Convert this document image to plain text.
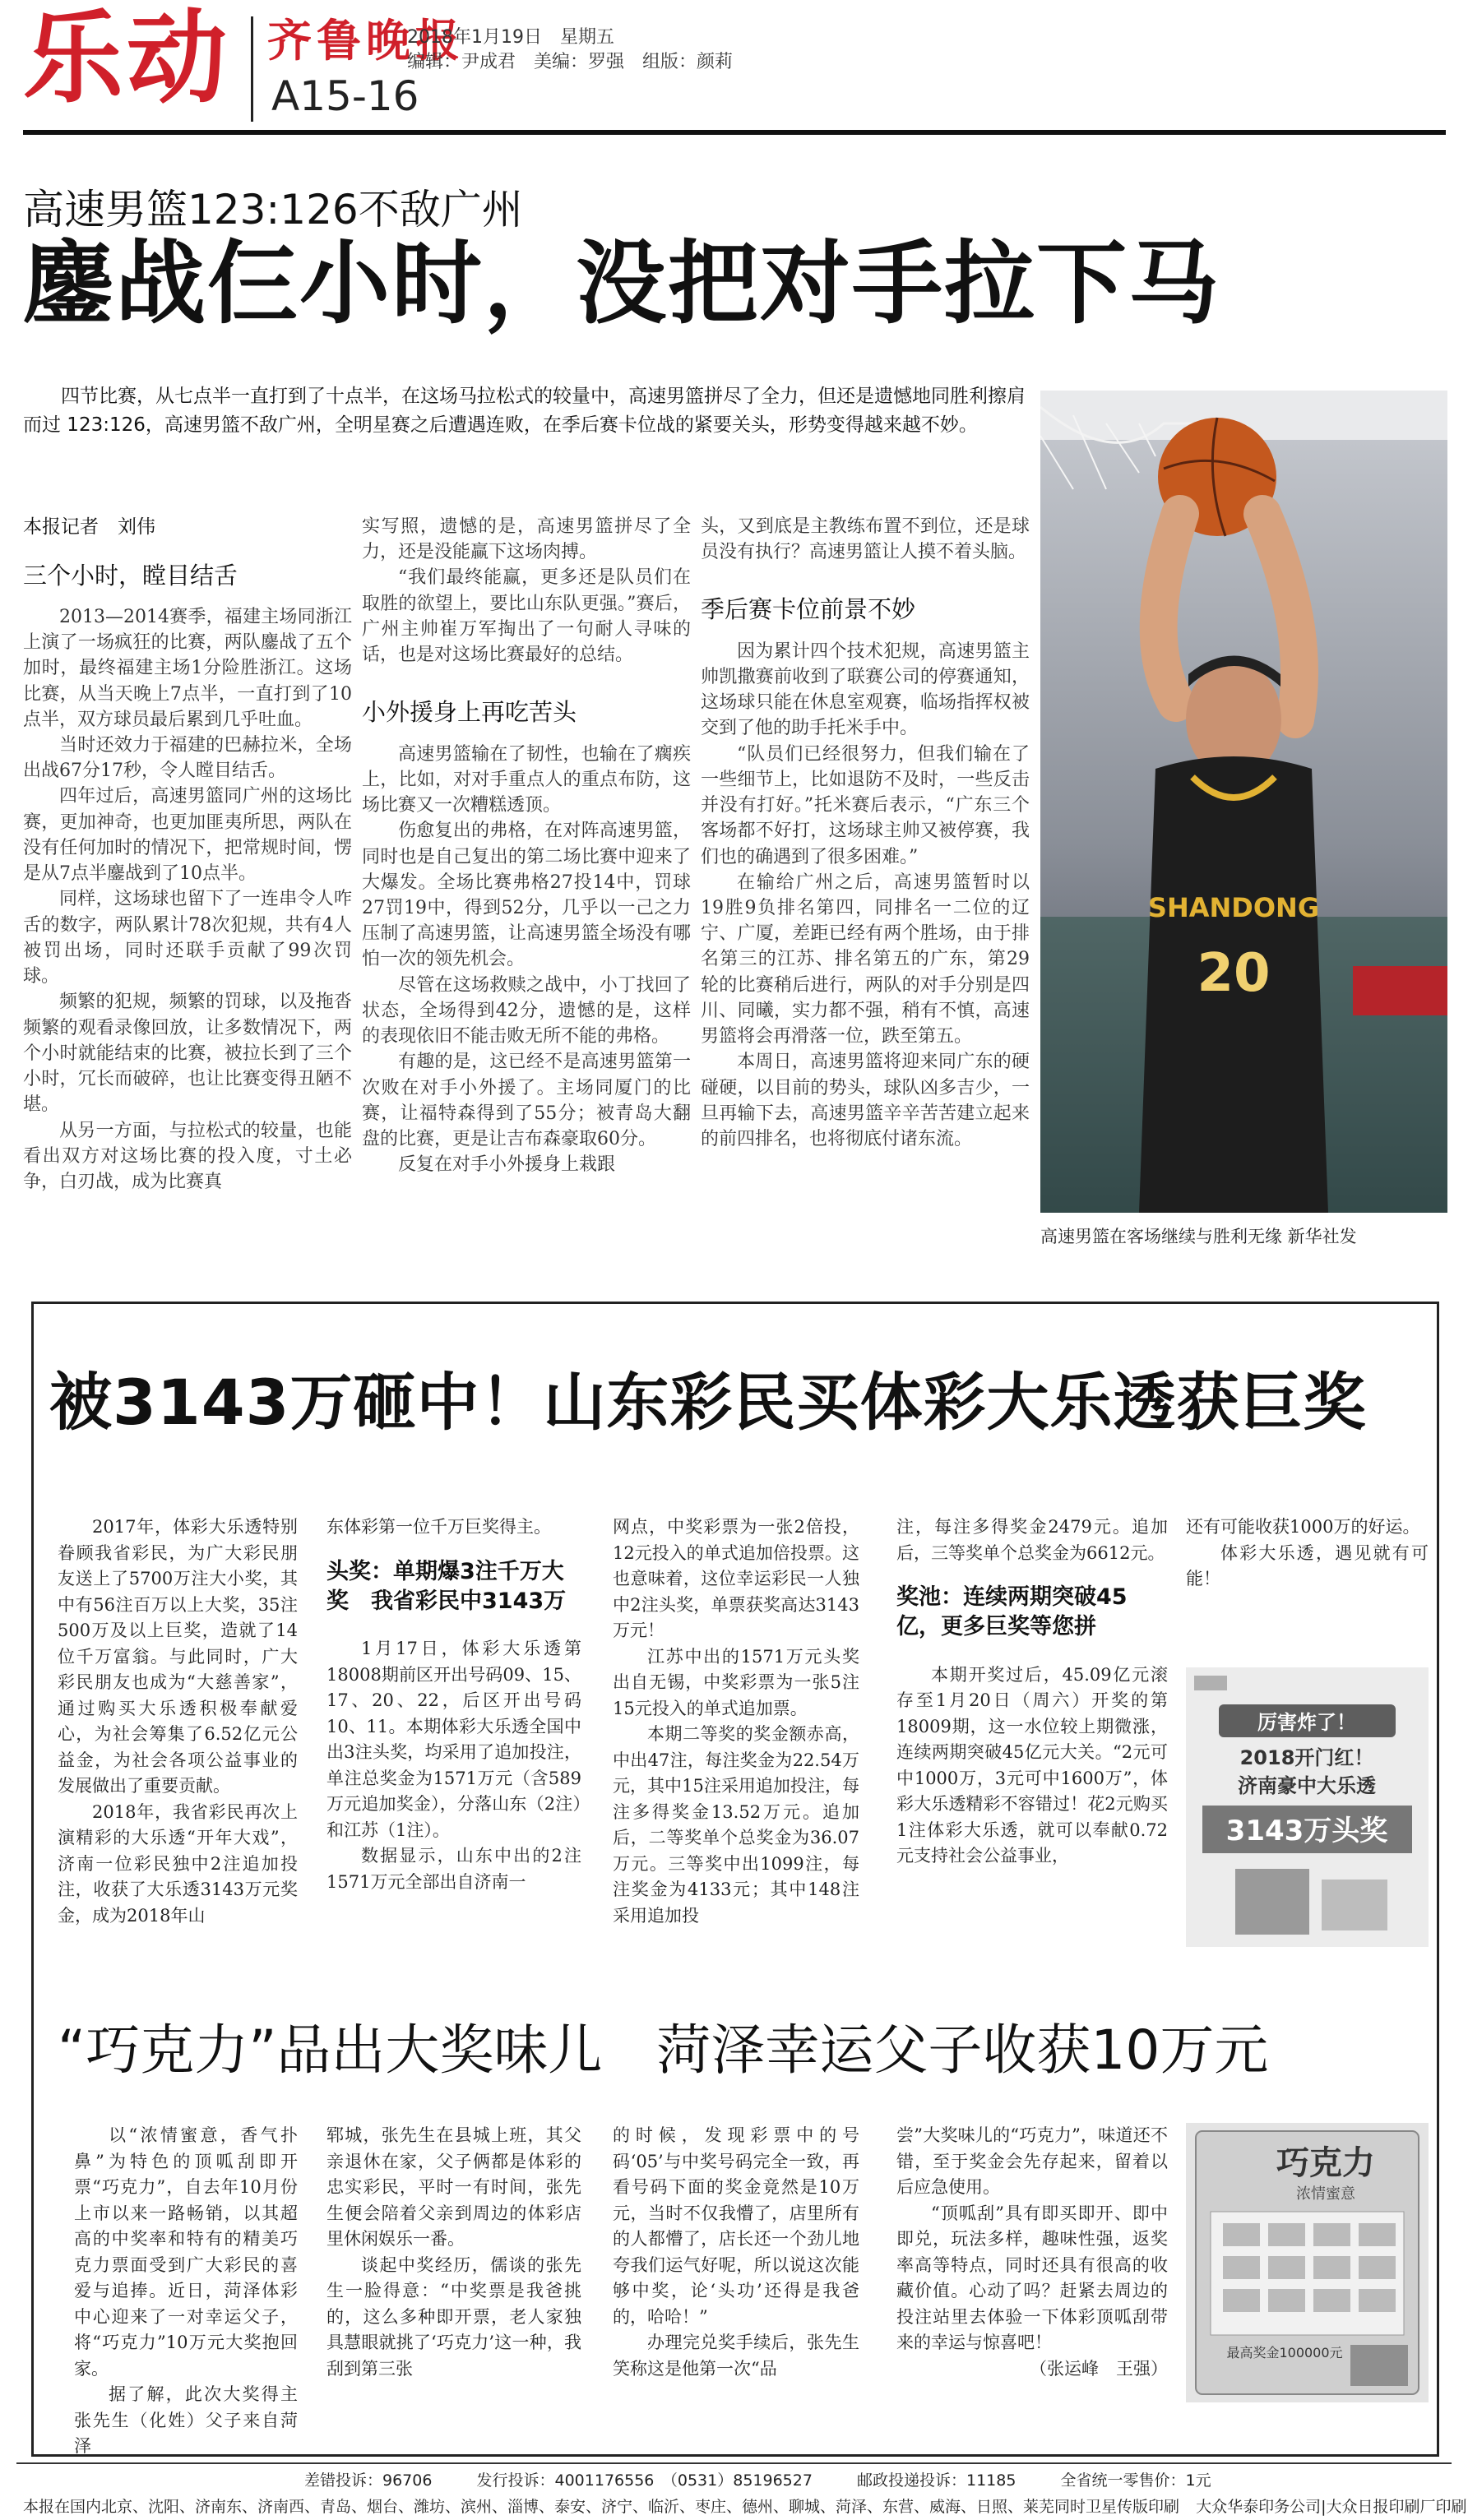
乐动 齐鲁晚报
A15-16
2018年1月19日　星期五
编辑：尹成君　美编：罗强　组版：颜莉
高速男篮123:126不敌广州
鏖战仨小时，没把对手拉下马

四节比赛，从七点半一直打到了十点半，在这场马拉松式的较量中，高速男篮拼尽了全力，但还是遗憾地同胜利擦肩而过 123:126，高速男篮不敌广州，全明星赛之后遭遇连败，在季后赛卡位战的紧要关头，形势变得越来越不妙。

本报记者　刘伟
三个小时，瞠目结舌

2013—2014赛季，福建主场同浙江上演了一场疯狂的比赛，两队鏖战了五个加时，最终福建主场1分险胜浙江。这场比赛，从当天晚上7点半，一直打到了10点半，双方球员最后累到几乎吐血。

当时还效力于福建的巴赫拉米，全场出战67分17秒，令人瞠目结舌。

四年过后，高速男篮同广州的这场比赛，更加神奇，也更加匪夷所思，两队在没有任何加时的情况下，把常规时间，愣是从7点半鏖战到了10点半。

同样，这场球也留下了一连串令人咋舌的数字，两队累计78次犯规，共有4人被罚出场，同时还联手贡献了99次罚球。

频繁的犯规，频繁的罚球，以及拖沓频繁的观看录像回放，让多数情况下，两个小时就能结束的比赛，被拉长到了三个小时，冗长而破碎，也让比赛变得丑陋不堪。

从另一方面，与拉松式的较量，也能看出双方对这场比赛的投入度，寸土必争，白刃战，成为比赛真

实写照，遗憾的是，高速男篮拼尽了全力，还是没能赢下这场肉搏。

“我们最终能赢，更多还是队员们在取胜的欲望上，要比山东队更强。”赛后，广州主帅崔万军掏出了一句耐人寻味的话，也是对这场比赛最好的总结。

小外援身上再吃苦头

高速男篮输在了韧性，也输在了瘸疾上，比如，对对手重点人的重点布防，这场比赛又一次糟糕透顶。

伤愈复出的弗格，在对阵高速男篮，同时也是自己复出的第二场比赛中迎来了大爆发。全场比赛弗格27投14中，罚球27罚19中，得到52分，几乎以一己之力压制了高速男篮，让高速男篮全场没有哪怕一次的领先机会。

尽管在这场救赎之战中，小丁找回了状态，全场得到42分，遗憾的是，这样的表现依旧不能击败无所不能的弗格。

有趣的是，这已经不是高速男篮第一次败在对手小外援了。主场同厦门的比赛，让福特森得到了55分；被青岛大翻盘的比赛，更是让吉布森豪取60分。

反复在对手小外援身上栽跟

头，又到底是主教练布置不到位，还是球员没有执行？高速男篮让人摸不着头脑。

季后赛卡位前景不妙

因为累计四个技术犯规，高速男篮主帅凯撒赛前收到了联赛公司的停赛通知，这场球只能在休息室观赛，临场指挥权被交到了他的助手托米手中。

“队员们已经很努力，但我们输在了一些细节上，比如退防不及时，一些反击并没有打好。”托米赛后表示，“广东三个客场都不好打，这场球主帅又被停赛，我们也的确遇到了很多困难。”

在输给广州之后，高速男篮暂时以19胜9负排名第四，同排名一二位的辽宁、广厦，差距已经有两个胜场，由于排名第三的江苏、排名第五的广东，第29轮的比赛稍后进行，两队的对手分别是四川、同曦，实力都不强，稍有不慎，高速男篮将会再滑落一位，跌至第五。

本周日，高速男篮将迎来同广东的硬碰硬，以目前的势头，球队凶多吉少，一旦再输下去，高速男篮辛辛苦苦建立起来的前四排名，也将彻底付诸东流。

SHANDONG
20
高速男篮在客场继续与胜利无缘 新华社发
被3143万砸中！山东彩民买体彩大乐透获巨奖

2017年，体彩大乐透特别眷顾我省彩民，为广大彩民朋友送上了5700万注大小奖，其中有56注百万以上大奖，35注500万及以上巨奖，造就了14位千万富翁。与此同时，广大彩民朋友也成为“大慈善家”，通过购买大乐透积极奉献爱心，为社会筹集了6.52亿元公益金，为社会各项公益事业的发展做出了重要贡献。

2018年，我省彩民再次上演精彩的大乐透“开年大戏”，济南一位彩民独中2注追加投注，收获了大乐透3143万元奖金，成为2018年山

东体彩第一位千万巨奖得主。

头奖：单期爆3注千万大奖　我省彩民中3143万

1月17日，体彩大乐透第18008期前区开出号码09、15、17、20、22，后区开出号码10、11。本期体彩大乐透全国中出3注头奖，均采用了追加投注，单注总奖金为1571万元（含589万元追加奖金），分落山东（2注）和江苏（1注）。

数据显示，山东中出的2注1571万元全部出自济南一

网点，中奖彩票为一张2倍投，12元投入的单式追加倍投票。这也意味着，这位幸运彩民一人独中2注头奖，单票获奖高达3143万元！

江苏中出的1571万元头奖出自无锡，中奖彩票为一张5注15元投入的单式追加票。

本期二等奖的奖金额赤高，中出47注，每注奖金为22.54万元，其中15注采用追加投注，每注多得奖金13.52万元。追加后，二等奖单个总奖金为36.07万元。三等奖中出1099注，每注奖金为4133元；其中148注采用追加投

注，每注多得奖金2479元。追加后，三等奖单个总奖金为6612元。

奖池：连续两期突破45亿，更多巨奖等您拼

本期开奖过后，45.09亿元滚存至1月20日（周六）开奖的第18009期，这一水位较上期微涨，连续两期突破45亿元大关。“2元可中1000万，3元可中1600万”，体彩大乐透精彩不容错过！花2元购买1注体彩大乐透，就可以奉献0.72元支持社会公益事业，

还有可能收获1000万的好运。

体彩大乐透，遇见就有可能！

厉害炸了！
2018开门红！
济南豪中大乐透
3143万头奖
“巧克力”品出大奖味儿　菏泽幸运父子收获10万元

以“浓情蜜意，香气扑鼻”为特色的顶呱刮即开票“巧克力”，自去年10月份上市以来一路畅销，以其超高的中奖率和特有的精美巧克力票面受到广大彩民的喜爱与追捧。近日，菏泽体彩中心迎来了一对幸运父子，将“巧克力”10万元大奖抱回家。

据了解，此次大奖得主张先生（化姓）父子来自菏泽

郓城，张先生在县城上班，其父亲退休在家，父子俩都是体彩的忠实彩民，平时一有时间，张先生便会陪着父亲到周边的体彩店里休闲娱乐一番。

谈起中奖经历，儒谈的张先生一脸得意：“中奖票是我爸挑的，这么多种即开票，老人家独具慧眼就挑了‘巧克力’这一种，我刮到第三张

的时候，发现彩票中的号码‘05’与中奖号码完全一致，再看号码下面的奖金竟然是10万元，当时不仅我懵了，店里所有的人都懵了，店长还一个劲儿地夸我们运气好呢，所以说这次能够中奖，论‘头功’还得是我爸的，哈哈！”

办理完兑奖手续后，张先生笑称这是他第一次“品

尝”大奖味儿的“巧克力”，味道还不错，至于奖金会先存起来，留着以后应急使用。

“顶呱刮”具有即买即开、即中即兑，玩法多样，趣味性强，返奖率高等特点，同时还具有很高的收藏价值。心动了吗？赶紧去周边的投注站里去体验一下体彩顶呱刮带来的幸运与惊喜吧！

（张运峰　王强）

巧克力
浓情蜜意
最高奖金100000元
差错投诉：96706	发行投诉：4001176556　（0531）85196527	邮政投递投诉：11185	全省统一零售价：1元
本报在国内北京、沈阳、济南东、济南西、青岛、烟台、潍坊、滨州、淄博、泰安、济宁、临沂、枣庄、德州、聊城、菏泽、东营、威海、日照、莱芜同时卫星传版印刷 大众华泰印务公司|大众日报印刷厂印刷
